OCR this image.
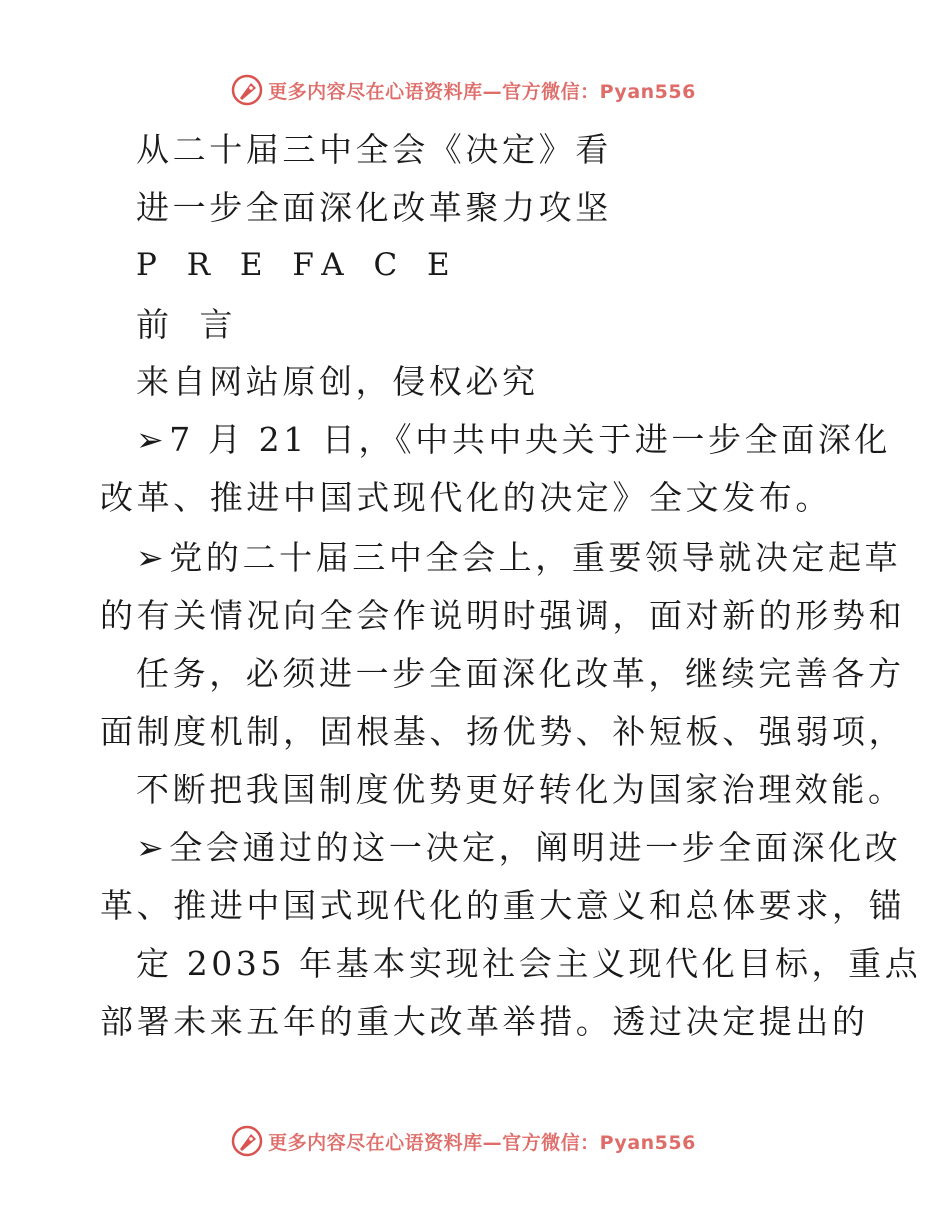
更多内容尽在心语资料库—官方微信：Pyan556
从二十届三中全会《决定》看
进一步全面深化改革聚力攻坚
P R E FA C E
前 言
来自网站原创，侵权必究
➢7 月 21 日，《中共中央关于进一步全面深化
改革、推进中国式现代化的决定》全文发布。
➢党的二十届三中全会上，重要领导就决定起草
的有关情况向全会作说明时强调，面对新的形势和
任务，必须进一步全面深化改革，继续完善各方
面制度机制，固根基、扬优势、补短板、强弱项，
不断把我国制度优势更好转化为国家治理效能。
➢全会通过的这一决定，阐明进一步全面深化改
革、推进中国式现代化的重大意义和总体要求，锚
定 2035 年基本实现社会主义现代化目标，重点
部署未来五年的重大改革举措。透过决定提出的
更多内容尽在心语资料库—官方微信：Pyan556
